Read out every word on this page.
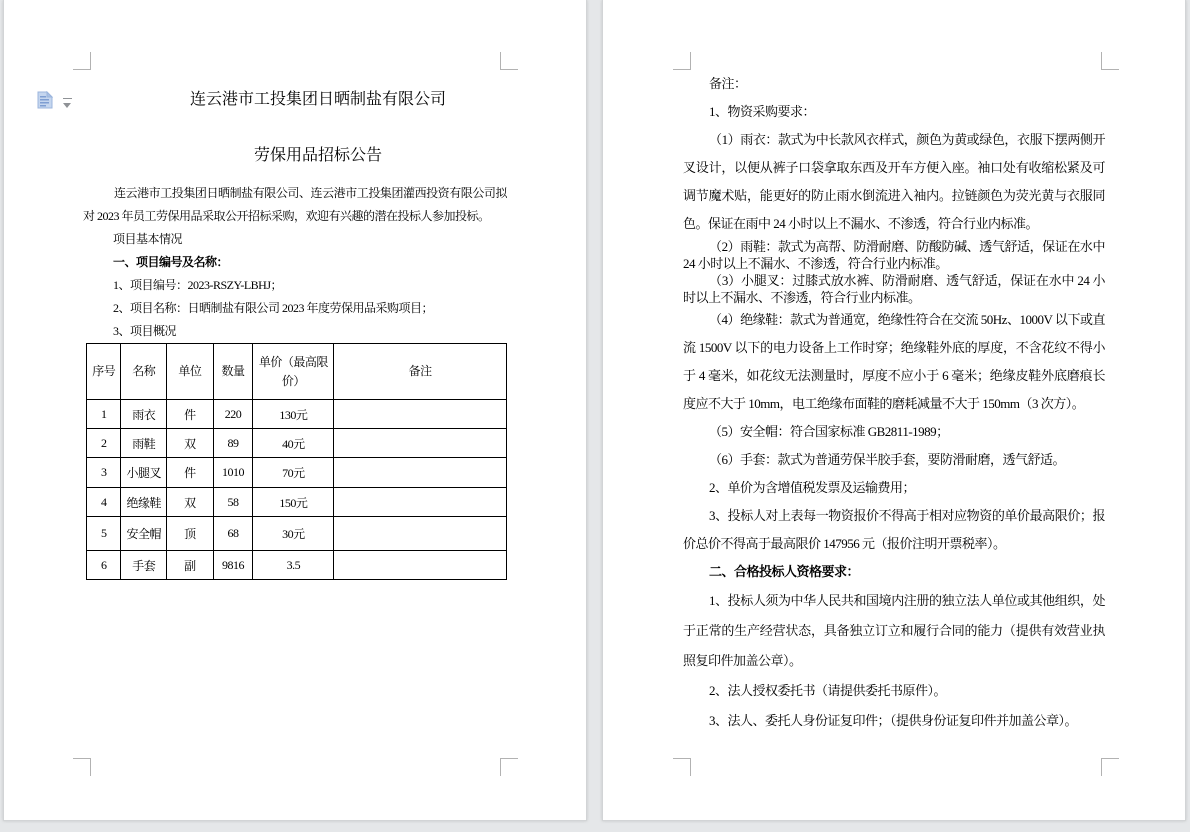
连云港市工投集团日晒制盐有限公司
劳保用品招标公告

连云港市工投集团日晒制盐有限公司、连云港市工投集团灌西投资有限公司拟对 2023 年员工劳保用品采取公开招标采购，欢迎有兴趣的潜在投标人参加投标。

项目基本情况

一、项目编号及名称：

1、项目编号：2023-RSZY-LBHJ；

2、项目名称：日晒制盐有限公司 2023 年度劳保用品采购项目；

3、项目概况

序号	名称	单位	数量	单价（最高限价）	备注
1	雨衣	件	220	130元	
2	雨鞋	双	89	40元	
3	小腿叉	件	1010	70元	
4	绝缘鞋	双	58	150元	
5	安全帽	顶	68	30元	
6	手套	副	9816	3.5	

备注：

1、物资采购要求：

（1）雨衣：款式为中长款风衣样式，颜色为黄或绿色，衣服下摆两侧开叉设计，以便从裤子口袋拿取东西及开车方便入座。袖口处有收缩松紧及可调节魔术贴，能更好的防止雨水倒流进入袖内。拉链颜色为荧光黄与衣服同色。保证在雨中 24 小时以上不漏水、不渗透，符合行业内标准。

（2）雨鞋：款式为高帮、防滑耐磨、防酸防碱、透气舒适，保证在水中 24 小时以上不漏水、不渗透，符合行业内标准。

（3）小腿叉：过膝式放水裤、防滑耐磨、透气舒适，保证在水中 24 小时以上不漏水、不渗透，符合行业内标准。

（4）绝缘鞋：款式为普通宽，绝缘性符合在交流 50Hz、1000V 以下或直流 1500V 以下的电力设备上工作时穿；绝缘鞋外底的厚度，不含花纹不得小于 4 毫米，如花纹无法测量时，厚度不应小于 6 毫米；绝缘皮鞋外底磨痕长度应不大于 10mm，电工绝缘布面鞋的磨耗减量不大于 150mm（3 次方）。

（5）安全帽：符合国家标准 GB2811-1989；

（6）手套：款式为普通劳保半胶手套，要防滑耐磨，透气舒适。

2、单价为含增值税发票及运输费用；

3、投标人对上表每一物资报价不得高于相对应物资的单价最高限价；报价总价不得高于最高限价 147956 元（报价注明开票税率）。

二、合格投标人资格要求：

1、投标人须为中华人民共和国境内注册的独立法人单位或其他组织，处于正常的生产经营状态，具备独立订立和履行合同的能力（提供有效营业执照复印件加盖公章）。

2、法人授权委托书（请提供委托书原件）。

3、法人、委托人身份证复印件；（提供身份证复印件并加盖公章）。
